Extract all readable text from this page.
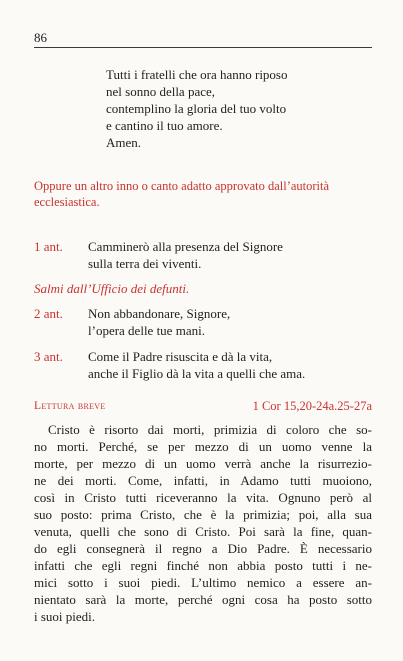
86
Tutti i fratelli che ora hanno riposo
nel sonno della pace,
contemplino la gloria del tuo volto
e cantino il tuo amore.
Amen.
Oppure un altro inno o canto adatto approvato dall’autorità
ecclesiastica.
1 ant. Camminerò alla presenza del Signore
sulla terra dei viventi.
Salmi dall’Ufficio dei defunti.
2 ant. Non abbandonare, Signore,
l’opera delle tue mani.
3 ant. Come il Padre risuscita e dà la vita,
anche il Figlio dà la vita a quelli che ama.
Lettura breve	1 Cor 15,20-24a.25-27a
Cristo è risorto dai morti, primizia di coloro che so-
no morti. Perché, se per mezzo di un uomo venne la
morte, per mezzo di un uomo verrà anche la risurrezio-
ne dei morti. Come, infatti, in Adamo tutti muoiono,
così in Cristo tutti riceveranno la vita. Ognuno però al
suo posto: prima Cristo, che è la primizia; poi, alla sua
venuta, quelli che sono di Cristo. Poi sarà la fine, quan-
do egli consegnerà il regno a Dio Padre. È necessario
infatti che egli regni finché non abbia posto tutti i ne-
mici sotto i suoi piedi. L’ultimo nemico a essere an-
nientato sarà la morte, perché ogni cosa ha posto sotto
i suoi piedi.
